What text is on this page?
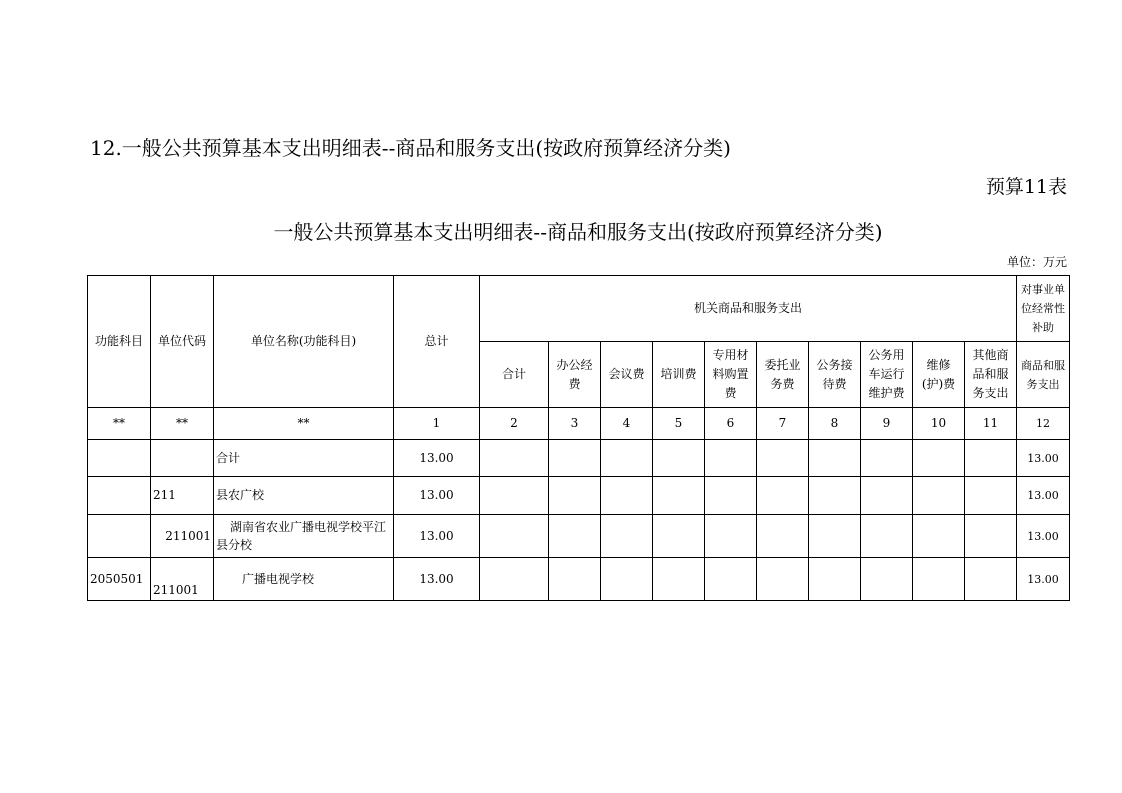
12.一般公共预算基本支出明细表--商品和服务支出(按政府预算经济分类)
预算11表
一般公共预算基本支出明细表--商品和服务支出(按政府预算经济分类)
单位：万元
功能科目	单位代码	单位名称(功能科目)	总计	机关商品和服务支出										对事业单位经常性补助
				合计	办公经费	会议费	培训费	专用材料购置费	委托业务费	公务接待费	公务用车运行维护费	维修(护)费	其他商品和服务支出	商品和服务支出
**	**	**	1	2	3	4	5	6	7	8	9	10	11	12
		合计	13.00											13.00
	211	县农广校	13.00											13.00
	211001	湖南省农业广播电视学校平江县分校	13.00											13.00
2050501	211001	广播电视学校	13.00											13.00
